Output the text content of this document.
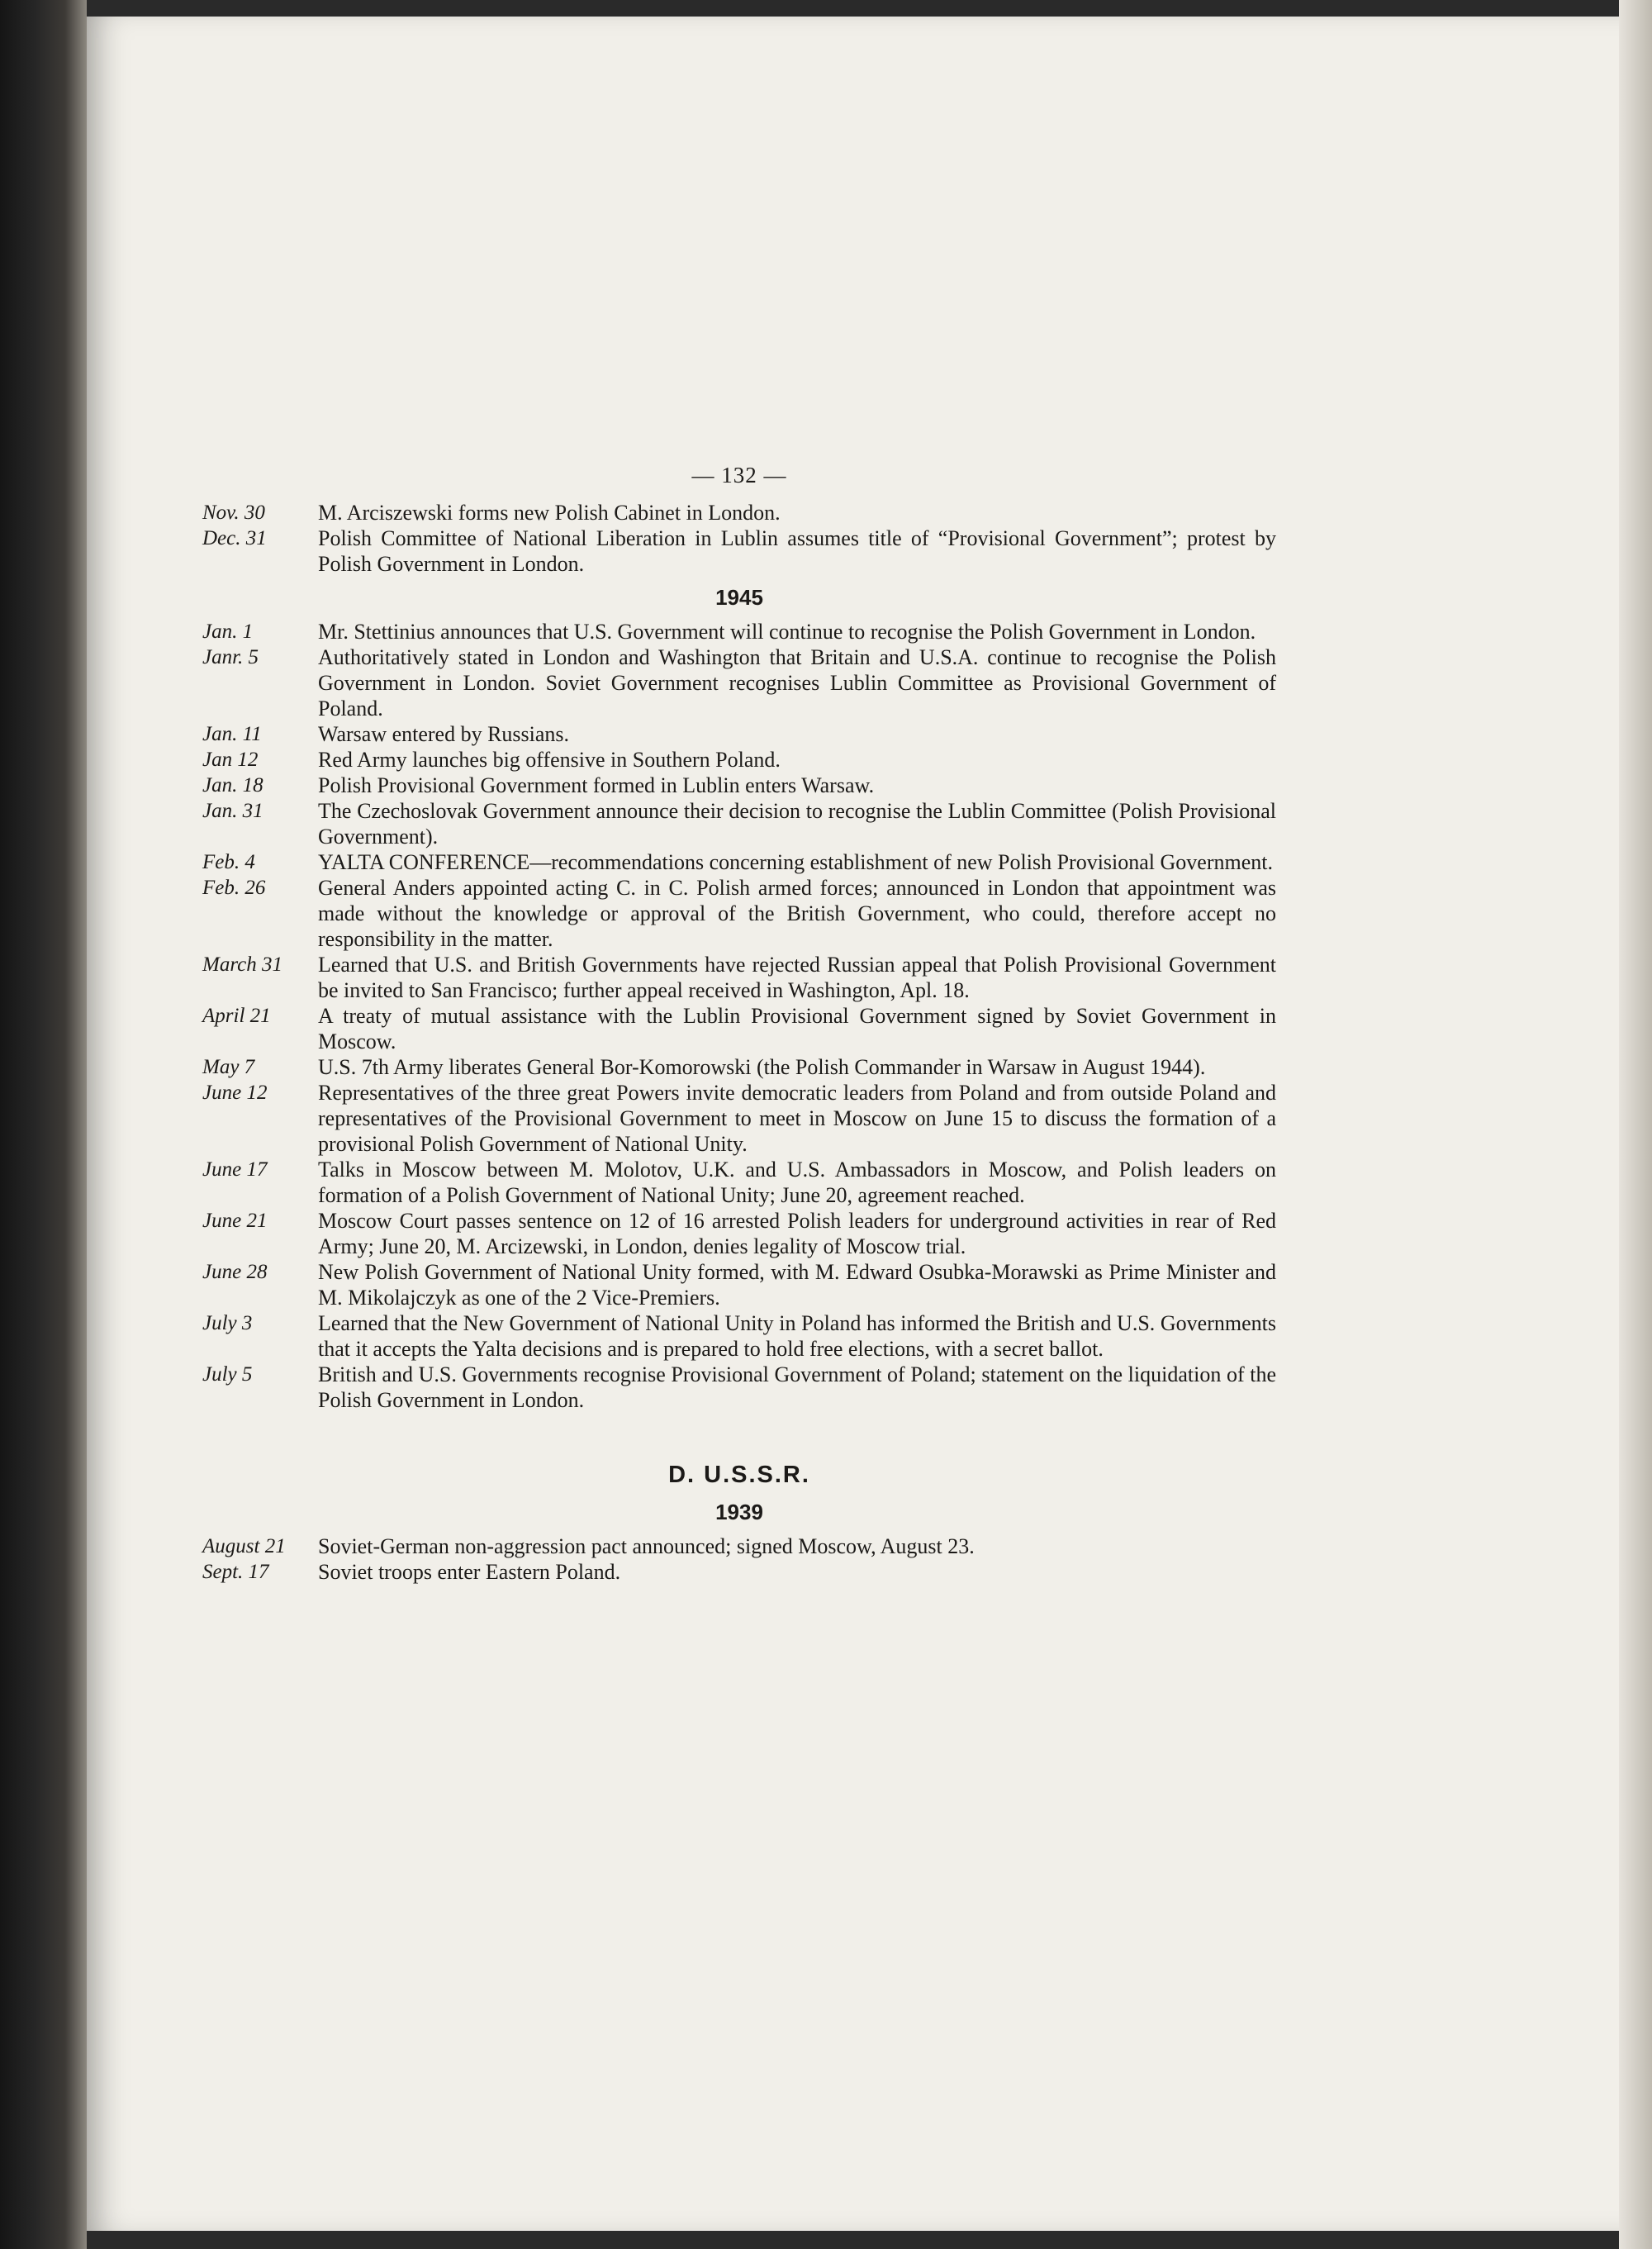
— 132 —
Nov. 30	M. Arciszewski forms new Polish Cabinet in London.
Dec. 31	Polish Committee of National Liberation in Lublin assumes title of “Provisional Government”; protest by Polish Government in London.
1945
Jan. 1	Mr. Stettinius announces that U.S. Government will continue to recognise the Polish Government in London.
Janr. 5	Authoritatively stated in London and Washington that Britain and U.S.A. continue to recognise the Polish Government in London. Soviet Government recognises Lublin Committee as Provisional Government of Poland.
Jan. 11	Warsaw entered by Russians.
Jan 12	Red Army launches big offensive in Southern Poland.
Jan. 18	Polish Provisional Government formed in Lublin enters Warsaw.
Jan. 31	The Czechoslovak Government announce their decision to recognise the Lublin Committee (Polish Provisional Government).
Feb. 4	YALTA CONFERENCE—recommendations concerning establishment of new Polish Provisional Government.
Feb. 26	General Anders appointed acting C. in C. Polish armed forces; announced in London that appointment was made without the knowledge or approval of the British Government, who could, therefore accept no responsibility in the matter.
March 31	Learned that U.S. and British Governments have rejected Russian appeal that Polish Provisional Government be invited to San Francisco; further appeal received in Washington, Apl. 18.
April 21	A treaty of mutual assistance with the Lublin Provisional Government signed by Soviet Government in Moscow.
May 7	U.S. 7th Army liberates General Bor-Komorowski (the Polish Commander in Warsaw in August 1944).
June 12	Representatives of the three great Powers invite democratic leaders from Poland and from outside Poland and representatives of the Provisional Government to meet in Moscow on June 15 to discuss the formation of a provisional Polish Government of National Unity.
June 17	Talks in Moscow between M. Molotov, U.K. and U.S. Ambassadors in Moscow, and Polish leaders on formation of a Polish Government of National Unity; June 20, agreement reached.
June 21	Moscow Court passes sentence on 12 of 16 arrested Polish leaders for underground activities in rear of Red Army; June 20, M. Arcizewski, in London, denies legality of Moscow trial.
June 28	New Polish Government of National Unity formed, with M. Edward Osubka-Morawski as Prime Minister and M. Mikolajczyk as one of the 2 Vice-Premiers.
July 3	Learned that the New Government of National Unity in Poland has informed the British and U.S. Governments that it accepts the Yalta decisions and is prepared to hold free elections, with a secret ballot.
July 5	British and U.S. Governments recognise Provisional Government of Poland; statement on the liquidation of the Polish Government in London.
D. U.S.S.R.
1939
August 21	Soviet-German non-aggression pact announced; signed Moscow, August 23.
Sept. 17	Soviet troops enter Eastern Poland.
